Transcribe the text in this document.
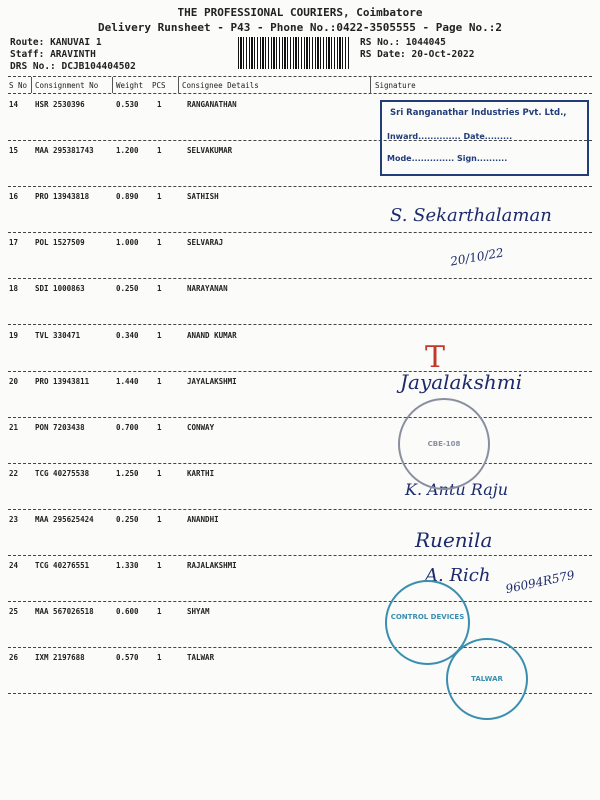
THE PROFESSIONAL COURIERS, Coimbatore
Delivery Runsheet - P43 - Phone No.:0422-3505555 - Page No.:2
Route: KANUVAI 1
Staff: ARAVINTH
DRS No.: DCJB104404502
RS No.: 1044045
RS Date: 20-Oct-2022
S No Consignment No Weight PCS Consignee Details	Signature
14 HSR 2530396	0.530 1	RANGANATHAN
15 MAA 295381743	1.200 1	SELVAKUMAR
16 PRO 13943818	0.890 1	SATHISH
17 POL 1527509	1.000 1	SELVARAJ
18 SDI 1000863	0.250 1	NARAYANAN
19 TVL 330471	0.340 1	ANAND KUMAR
20 PRO 13943811	1.440 1	JAYALAKSHMI
21 PON 7203438	0.700 1	CONWAY
22 TCG 40275538	1.250 1	KARTHI
23 MAA 295625424	0.250 1	ANANDHI
24 TCG 40276551	1.330 1	RAJALAKSHMI
25 MAA 567026518	0.600 1	SHYAM
26 IXM 2197688	0.570 1	TALWAR
Sri Ranganathar Industries Pvt. Ltd.,
Inward.............. Date.........
Mode.............. Sign..........
S. Sekarthalaman
20/10/22
Jayalakshmi
K. Antu Raju
Ruenila
A. Rich 96094R579
T
CBE-108
CONTROL DEVICES
TALWAR
